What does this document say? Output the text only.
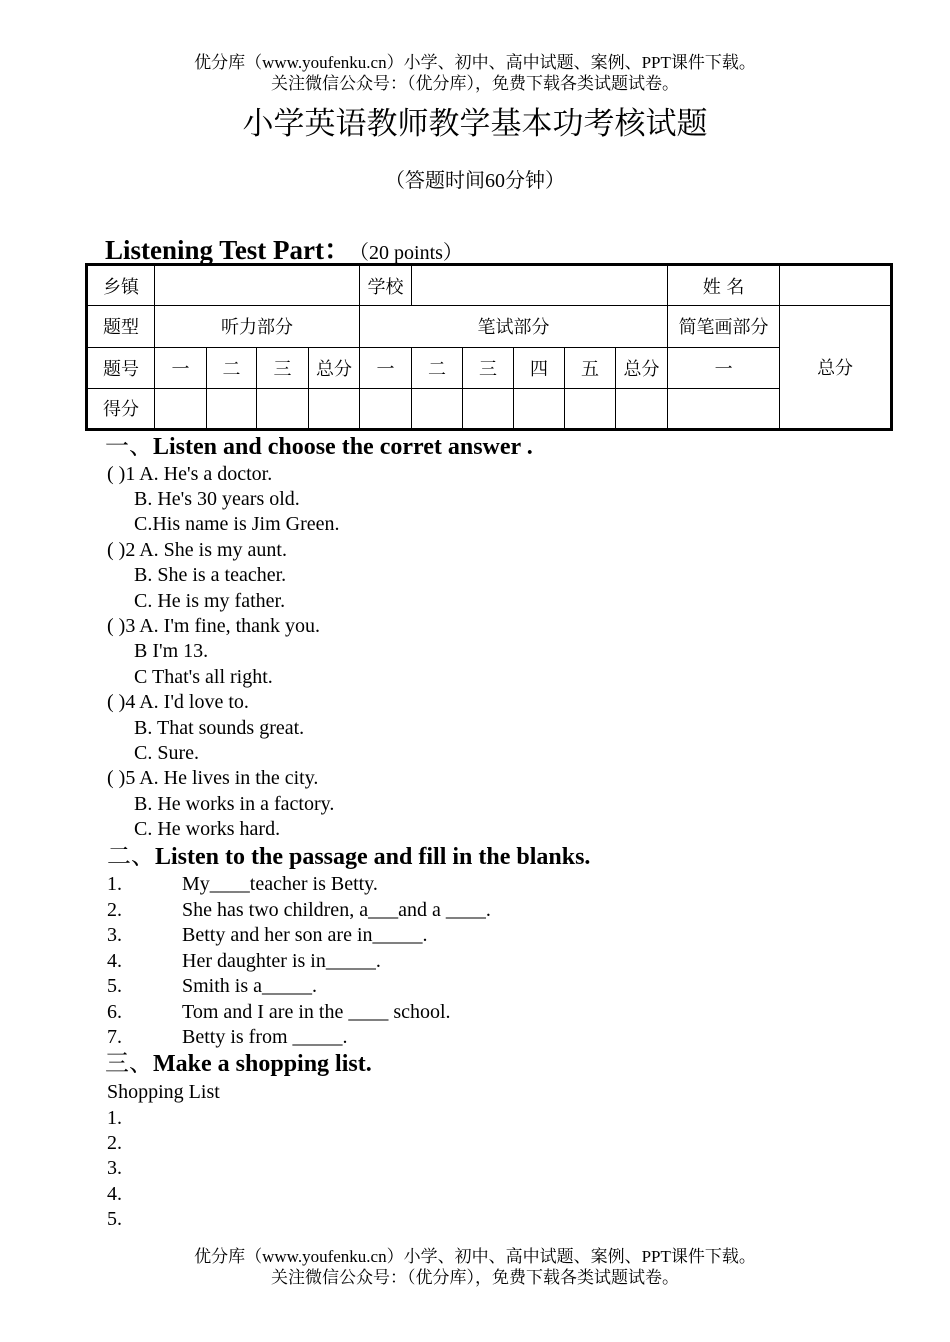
优分库（www.youfenku.cn）小学、初中、高中试题、案例、PPT课件下载。
关注微信公众号：（优分库），免费下载各类试题试卷。
小学英语教师教学基本功考核试题
（答题时间60分钟）
Listening Test Part： （20 points）
乡镇					学校						姓 名	
题型	听力部分				笔试部分						简笔画部分	总分
题号	一	二	三	总分	一	二	三	四	五	总分	一	
得分												
一、Listen and choose the corret answer .
( )1 A. He's a doctor.
B. He's 30 years old.
C.His name is Jim Green.
( )2 A. She is my aunt.
B. She is a teacher.
C. He is my father.
( )3 A. I'm fine, thank you.
B I'm 13.
C That's all right.
( )4 A. I'd love to.
B. That sounds great.
C. Sure.
( )5 A. He lives in the city.
B. He works in a factory.
C. He works hard.
二、Listen to the passage and fill in the blanks.
1.	My____teacher is Betty.
2.	She has two children, a___and a ____.
3.	Betty and her son are in_____.
4.	Her daughter is in_____.
5.	Smith is a_____.
6.	Tom and I are in the ____ school.
7.	Betty is from _____.
三、Make a shopping list.
Shopping List
1.
2.
3.
4.
5.
优分库（www.youfenku.cn）小学、初中、高中试题、案例、PPT课件下载。
关注微信公众号：（优分库），免费下载各类试题试卷。
